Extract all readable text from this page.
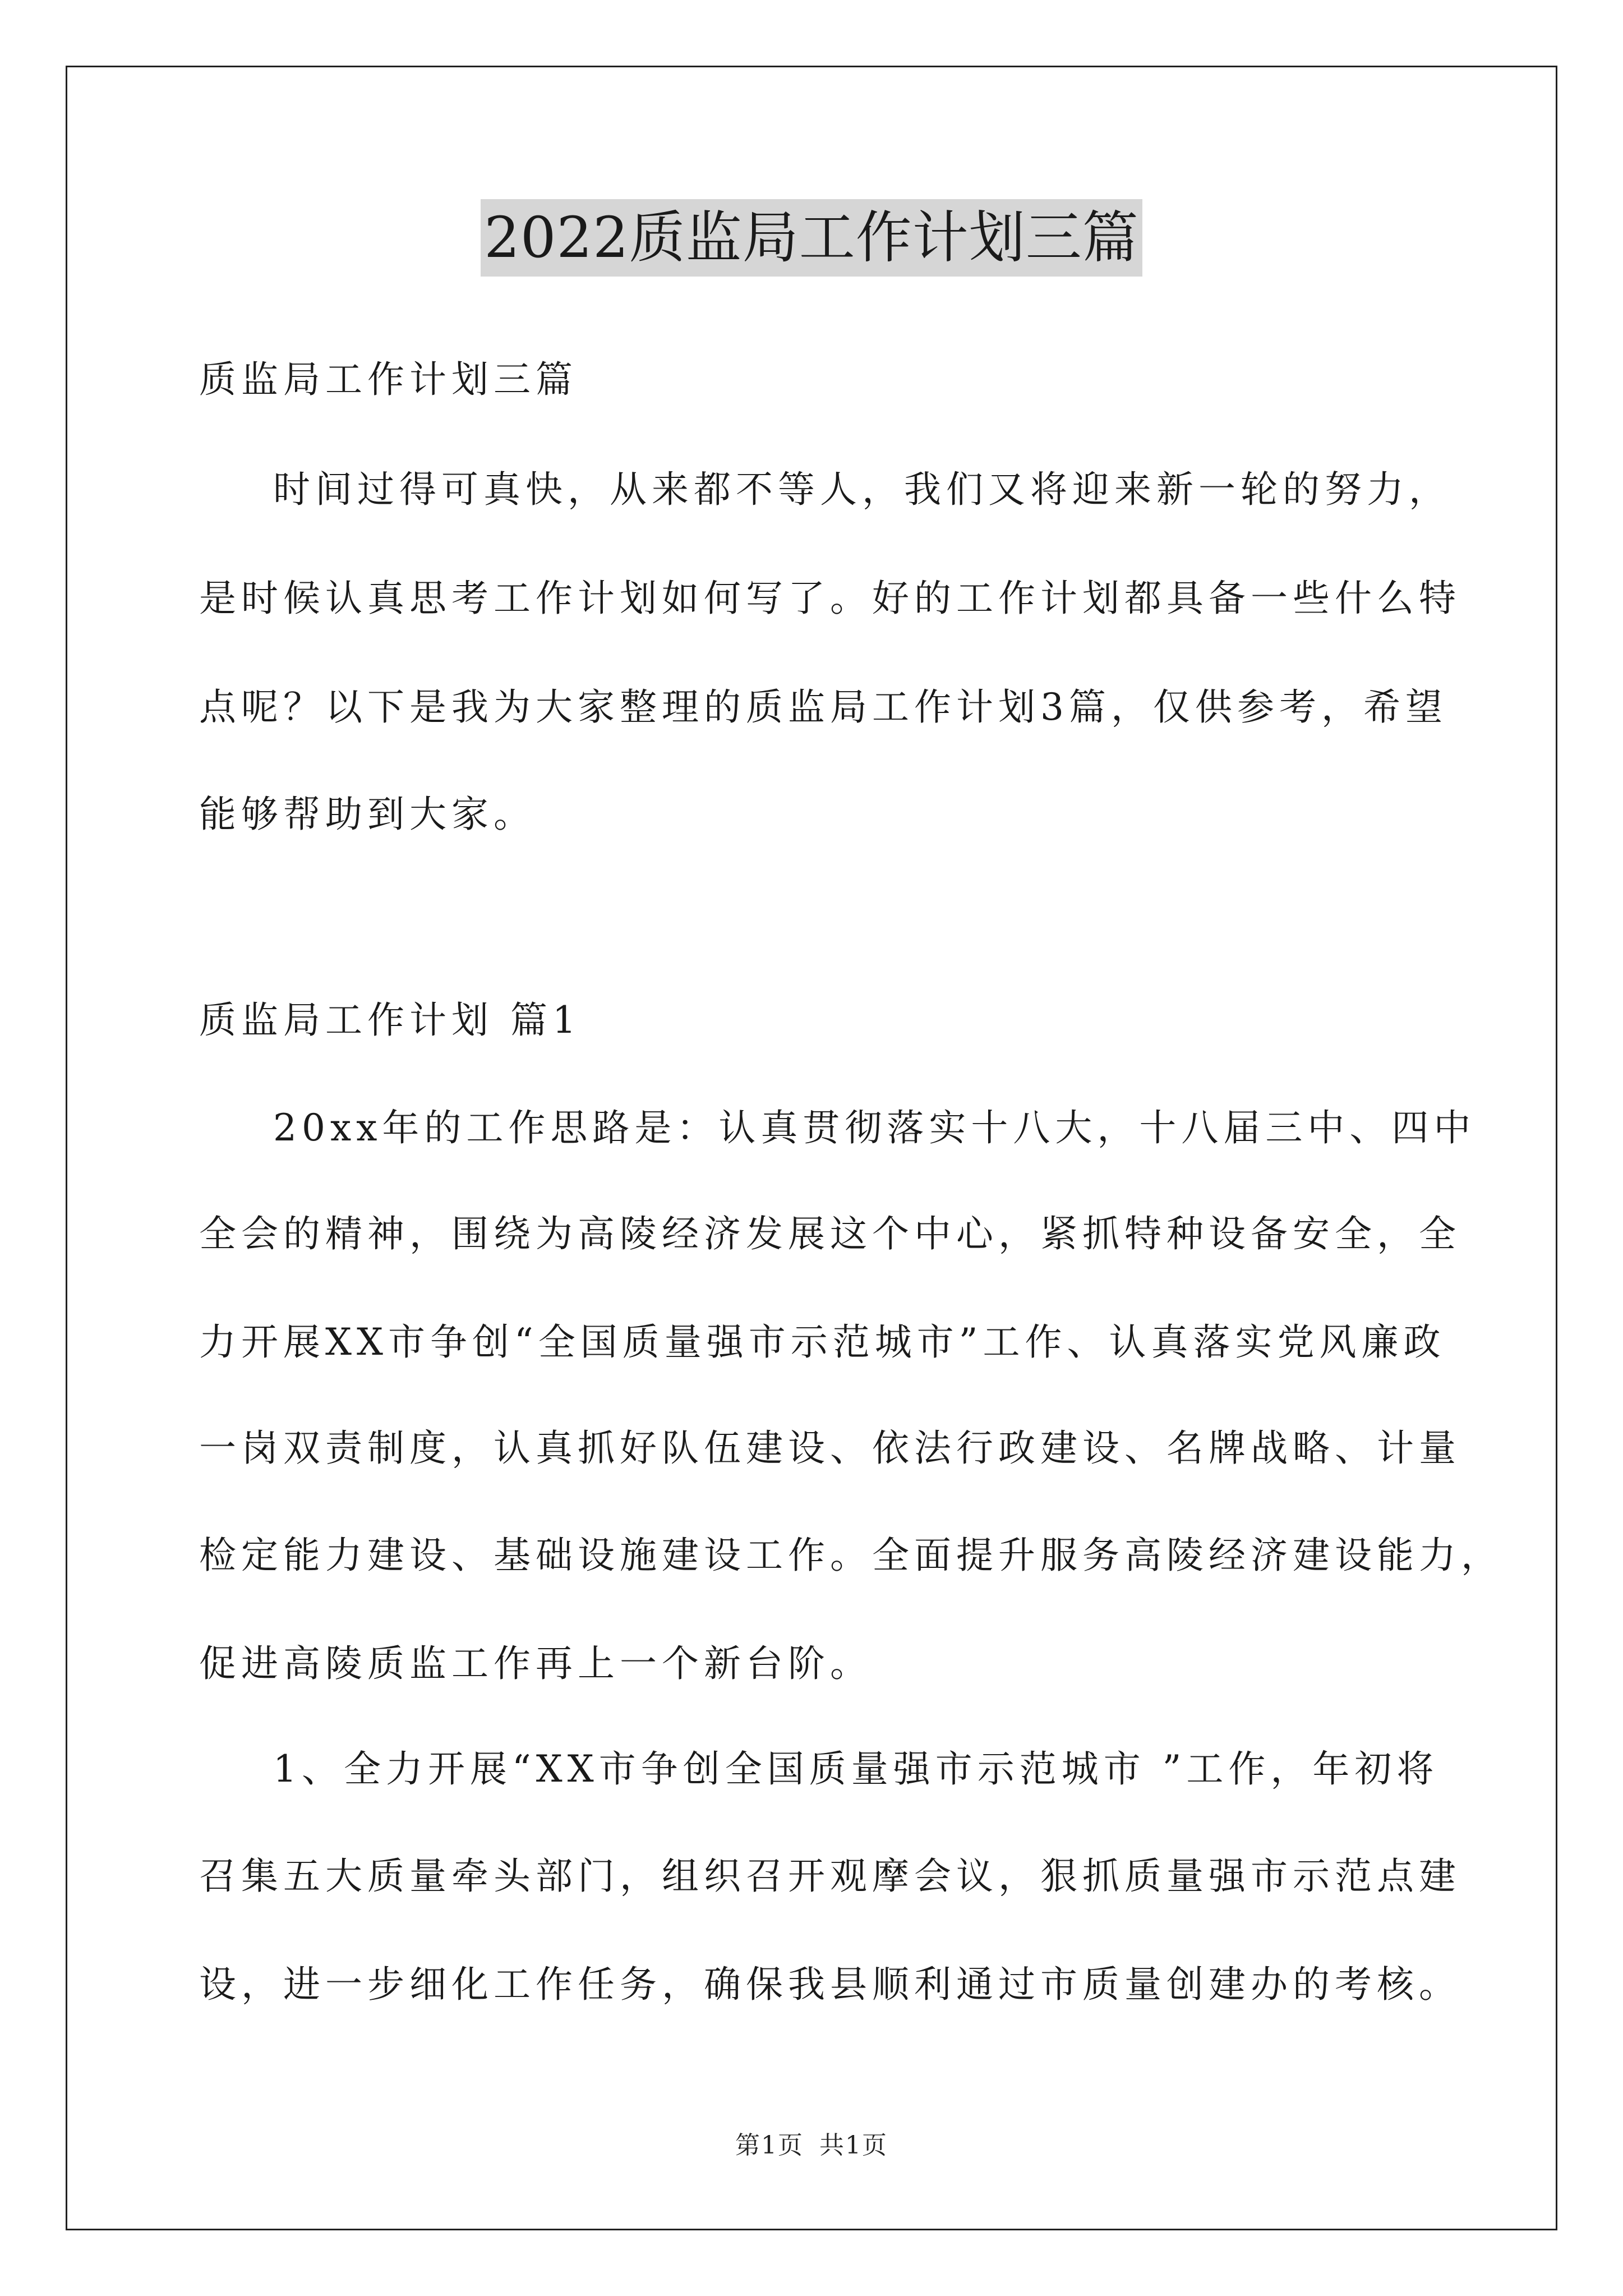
2022质监局工作计划三篇
质监局工作计划三篇
时间过得可真快，从来都不等人，我们又将迎来新一轮的努力，
是时候认真思考工作计划如何写了。好的工作计划都具备一些什么特
点呢？以下是我为大家整理的质监局工作计划3篇，仅供参考，希望
能够帮助到大家。
质监局工作计划 篇1
20xx年的工作思路是：认真贯彻落实十八大，十八届三中、四中
全会的精神，围绕为高陵经济发展这个中心，紧抓特种设备安全，全
力开展XX市争创“全国质量强市示范城市”工作、认真落实党风廉政
一岗双责制度，认真抓好队伍建设、依法行政建设、名牌战略、计量
检定能力建设、基础设施建设工作。全面提升服务高陵经济建设能力，
促进高陵质监工作再上一个新台阶。
1、全力开展“XX市争创全国质量强市示范城市 ”工作，年初将
召集五大质量牵头部门，组织召开观摩会议，狠抓质量强市示范点建
设，进一步细化工作任务，确保我县顺利通过市质量创建办的考核。
第1页 共1页
